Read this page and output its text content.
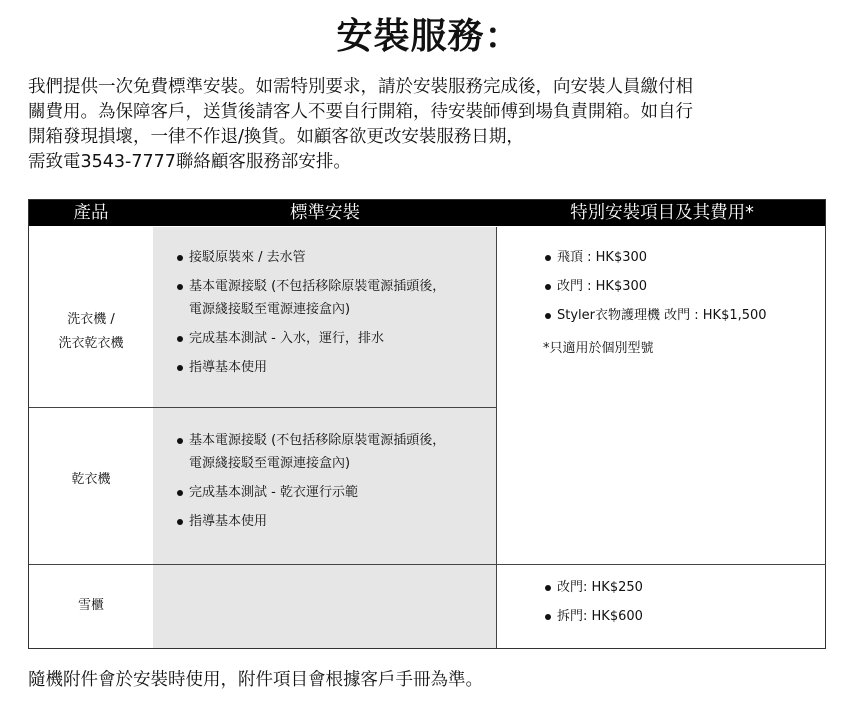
安裝服務：

我們提供一次免費標準安裝。如需特別要求，請於安裝服務完成後，向安裝人員繳付相

關費用。為保障客戶，送貨後請客人不要自行開箱，待安裝師傅到場負責開箱。如自行

開箱發現損壞，一律不作退/換貨。如顧客欲更改安裝服務日期，

需致電3543-7777聯絡顧客服務部安排。

產品	標準安裝	特別安裝項目及其費用*
洗衣機 /
洗衣乾衣機
接駁原裝來 / 去水管
基本電源接駁 (不包括移除原裝電源插頭後，
電源綫接駁至電源連接盒內)
完成基本測試 - 入水，運行，排水
指導基本使用
飛頂 : HK$300
改門 : HK$300
Styler衣物護理機 改門 : HK$1,500
*只適用於個別型號
乾衣機
基本電源接駁 (不包括移除原裝電源插頭後，
電源綫接駁至電源連接盒內)
完成基本測試 - 乾衣運行示範
指導基本使用
雪櫃
改門: HK$250
拆門: HK$600
隨機附件會於安裝時使用，附件項目會根據客戶手冊為準。
